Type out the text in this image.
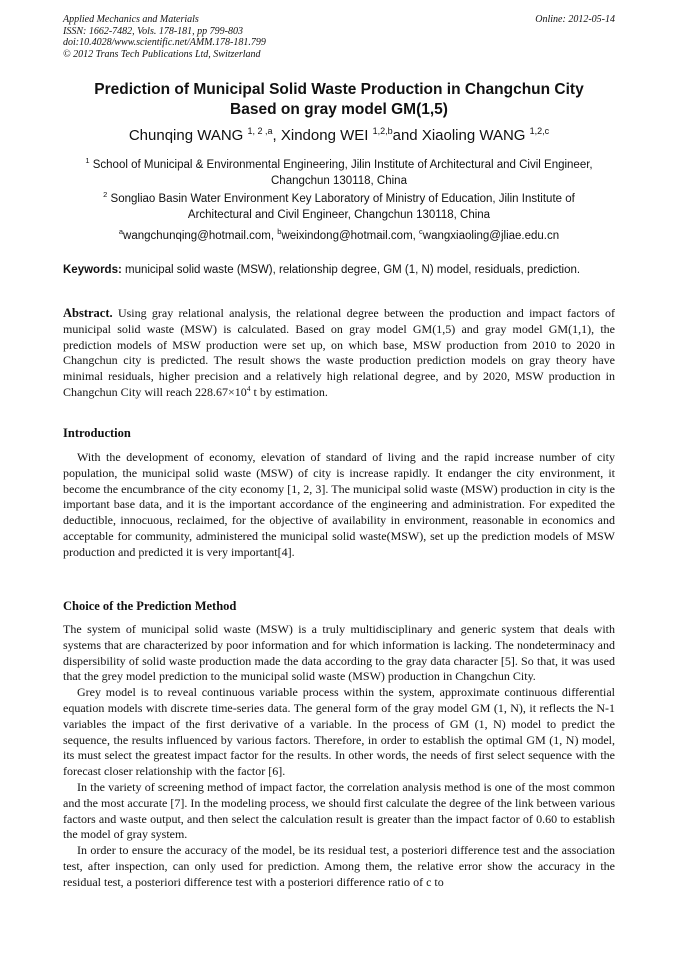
Applied Mechanics and Materials
ISSN: 1662-7482, Vols. 178-181, pp 799-803
doi:10.4028/www.scientific.net/AMM.178-181.799
© 2012 Trans Tech Publications Ltd, Switzerland
Online: 2012-05-14
Prediction of Municipal Solid Waste Production in Changchun City
Based on gray model GM(1,5)
Chunqing WANG $^{1, 2 ,a}$, Xindong WEI $^{1,2,b}$and Xiaoling WANG $^{1,2,c}$
$^1$ School of Municipal & Environmental Engineering, Jilin Institute of Architectural and Civil Engineer,
Changchun 130118, China
$^2$ Songliao Basin Water Environment Key Laboratory of Ministry of Education, Jilin Institute of
Architectural and Civil Engineer, Changchun 130118, China
$^a$wangchunqing@hotmail.com, $^b$weixindong@hotmail.com, $^c$wangxiaoling@jliae.edu.cn
Keywords: municipal solid waste (MSW), relationship degree, GM (1, N) model, residuals, prediction.

Abstract. Using gray relational analysis, the relational degree between the production and impact factors of municipal solid waste (MSW) is calculated. Based on gray model GM(1,5) and gray model GM(1,1), the prediction models of MSW production were set up, on which base, MSW production from 2010 to 2020 in Changchun city is predicted. The result shows the waste production prediction models on gray theory have minimal residuals, higher precision and a relatively high relational degree, and by 2020, MSW production in Changchun City will reach $228.67\times 10^4$ t by estimation.

Introduction

With the development of economy, elevation of standard of living and the rapid increase number of city population, the municipal solid waste (MSW) of city is increase rapidly. It endanger the city environment, it become the encumbrance of the city economy [1, 2, 3]. The municipal solid waste (MSW) production in city is the important base data, and it is the important accordance of the engineering and administration. For expedited the deductible, innocuous, reclaimed, for the objective of availability in environment, reasonable in economics and acceptable for community, administered the municipal solid waste(MSW), set up the prediction models of MSW production and predicted it is very important[4].

Choice of the Prediction Method

The system of municipal solid waste (MSW) is a truly multidisciplinary and generic system that deals with systems that are characterized by poor information and for which information is lacking. The nondeterminacy and dispersibility of solid waste production made the data according to the gray data character [5]. So that, it was used that the grey model prediction to the municipal solid waste (MSW) production in Changchun City.

Grey model is to reveal continuous variable process within the system, approximate continuous differential equation models with discrete time-series data. The general form of the gray model GM (1, N), it reflects the N-1 variables the impact of the first derivative of a variable. In the process of GM (1, N) model to predict the sequence, the results influenced by various factors. Therefore, in order to establish the optimal GM (1, N) model, its must select the greatest impact factor for the results. In other words, the needs of first select sequence with the forecast closer relationship with the factor [6].

In the variety of screening method of impact factor, the correlation analysis method is one of the most common and the most accurate [7]. In the modeling process, we should first calculate the degree of the link between various factors and waste output, and then select the calculation result is greater than the impact factor of 0.60 to establish the model of gray system.

In order to ensure the accuracy of the model, be its residual test, a posteriori difference test and the association test, after inspection, can only used for prediction. Among them, the relative error show the accuracy in the residual test, a posteriori difference test with a posteriori difference ratio of c to
